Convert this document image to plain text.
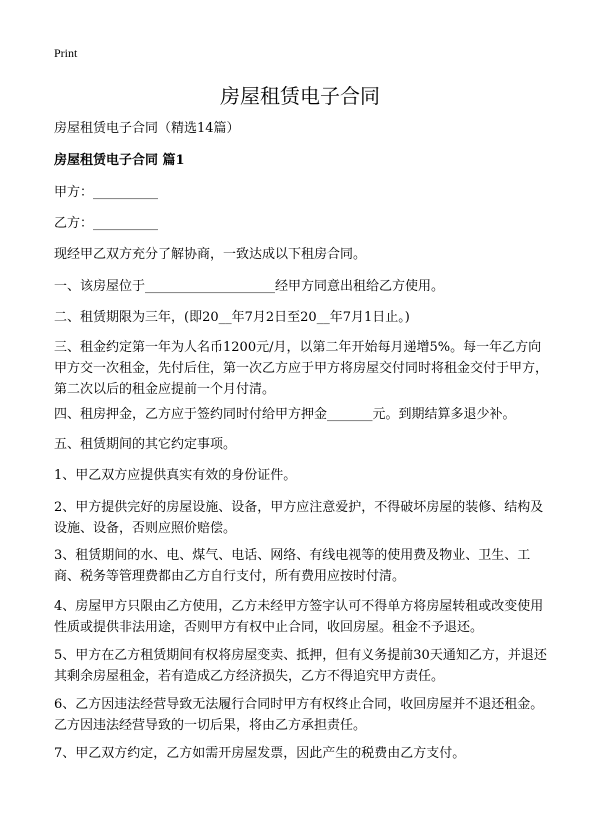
Print
房屋租赁电子合同
房屋租赁电子合同（精选14篇）
房屋租赁电子合同 篇1
甲方：__________
乙方：__________
现经甲乙双方充分了解协商，一致达成以下租房合同。
一、该房屋位于____________________经甲方同意出租给乙方使用。
二、租赁期限为三年，(即20__年7月2日至20__年7月1日止。)
三、租金约定第一年为人名币1200元/月，以第二年开始每月递增5%。每一年乙方向甲方交一次租金，先付后住，第一次乙方应于甲方将房屋交付同时将租金交付于甲方，第二次以后的租金应提前一个月付清。
四、租房押金，乙方应于签约同时付给甲方押金_______元。到期结算多退少补。
五、租赁期间的其它约定事项。
1、甲乙双方应提供真实有效的身份证件。
2、甲方提供完好的房屋设施、设备，甲方应注意爱护，不得破坏房屋的装修、结构及设施、设备，否则应照价赔偿。
3、租赁期间的水、电、煤气、电话、网络、有线电视等的使用费及物业、卫生、工商、税务等管理费都由乙方自行支付，所有费用应按时付清。
4、房屋甲方只限由乙方使用，乙方未经甲方签字认可不得单方将房屋转租或改变使用性质或提供非法用途，否则甲方有权中止合同，收回房屋。租金不予退还。
5、甲方在乙方租赁期间有权将房屋变卖、抵押，但有义务提前30天通知乙方，并退还其剩余房屋租金，若有造成乙方经济损失，乙方不得追究甲方责任。
6、乙方因违法经营导致无法履行合同时甲方有权终止合同，收回房屋并不退还租金。乙方因违法经营导致的一切后果，将由乙方承担责任。
7、甲乙双方约定，乙方如需开房屋发票，因此产生的税费由乙方支付。
